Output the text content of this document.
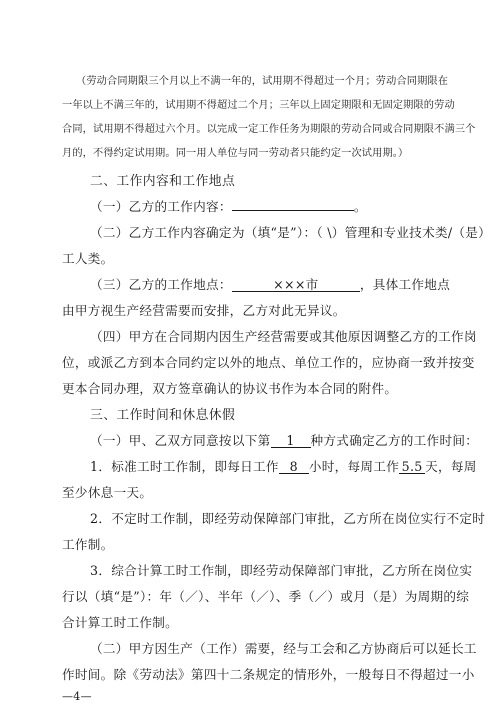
（劳动合同期限三个月以上不满一年的，试用期不得超过一个月；劳动合同期限在

一年以上不满三年的，试用期不得超过二个月；三年以上固定期限和无固定期限的劳动

合同，试用期不得超过六个月。以完成一定工作任务为期限的劳动合同或合同期限不满三个

月的，不得约定试用期。同一用人单位与同一劳动者只能约定一次试用期。）

二、工作内容和工作地点

（一）乙方的工作内容：	。

（二）乙方工作内容确定为（填“是”）：（ \）管理和专业技术类/（是）

工人类。

（三）乙方的工作地点：	×××市	，具体工作地点

由甲方视生产经营需要而安排，乙方对此无异议。

（四）甲方在合同期内因生产经营需要或其他原因调整乙方的工作岗

位，或派乙方到本合同约定以外的地点、单位工作的，应协商一致并按变

更本合同办理，双方签章确认的协议书作为本合同的附件。

三、工作时间和休息休假

（一）甲、乙双方同意按以下第 1 种方式确定乙方的工作时间：

1．标准工时工作制，即每日工作 8 小时，每周工作 5.5 天，每周

至少休息一天。

2．不定时工作制，即经劳动保障部门审批，乙方所在岗位实行不定时

工作制。

3．综合计算工时工作制，即经劳动保障部门审批，乙方所在岗位实

行以（填“是”）：年（／）、半年（／）、季（／）或月（是）为周期的综

合计算工时工作制。

（二）甲方因生产（工作）需要，经与工会和乙方协商后可以延长工

作时间。除《劳动法》第四十二条规定的情形外，一般每日不得超过一小

—4—
